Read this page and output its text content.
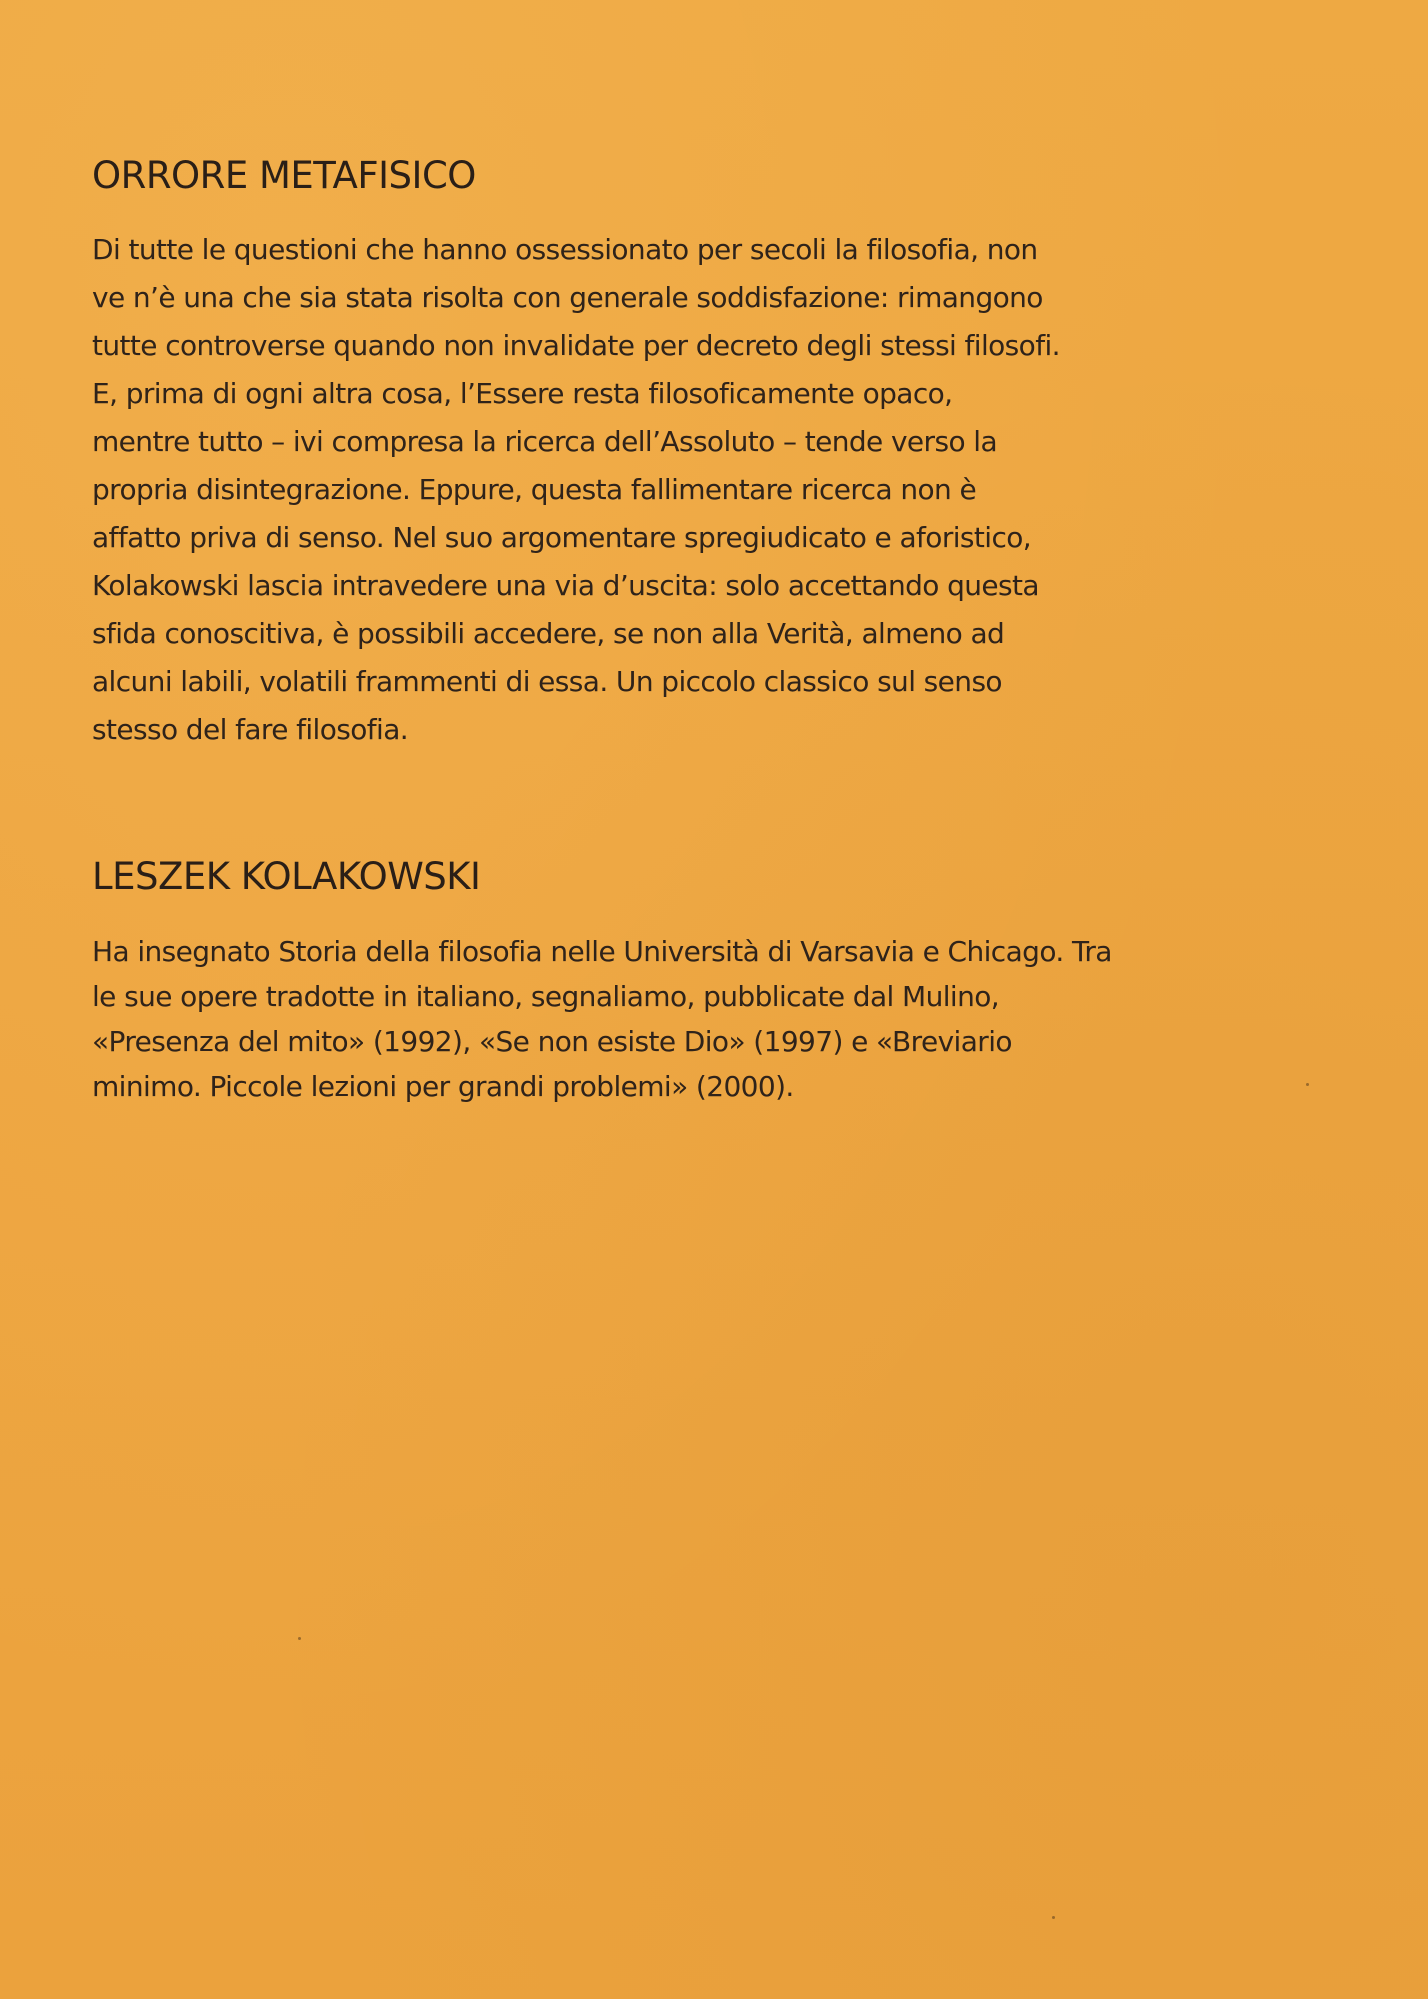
ORRORE METAFISICO
Di tutte le questioni che hanno ossessionato per secoli la filosofia, non
ve n’è una che sia stata risolta con generale soddisfazione: rimangono
tutte controverse quando non invalidate per decreto degli stessi filosofi.
E, prima di ogni altra cosa, l’Essere resta filosoficamente opaco,
mentre tutto – ivi compresa la ricerca dell’Assoluto – tende verso la
propria disintegrazione. Eppure, questa fallimentare ricerca non è
affatto priva di senso. Nel suo argomentare spregiudicato e aforistico,
Kolakowski lascia intravedere una via d’uscita: solo accettando questa
sfida conoscitiva, è possibili accedere, se non alla Verità, almeno ad
alcuni labili, volatili frammenti di essa. Un piccolo classico sul senso
stesso del fare filosofia.
LESZEK KOLAKOWSKI
Ha insegnato Storia della filosofia nelle Università di Varsavia e Chicago. Tra
le sue opere tradotte in italiano, segnaliamo, pubblicate dal Mulino,
«Presenza del mito» (1992), «Se non esiste Dio» (1997) e «Breviario
minimo. Piccole lezioni per grandi problemi» (2000).
